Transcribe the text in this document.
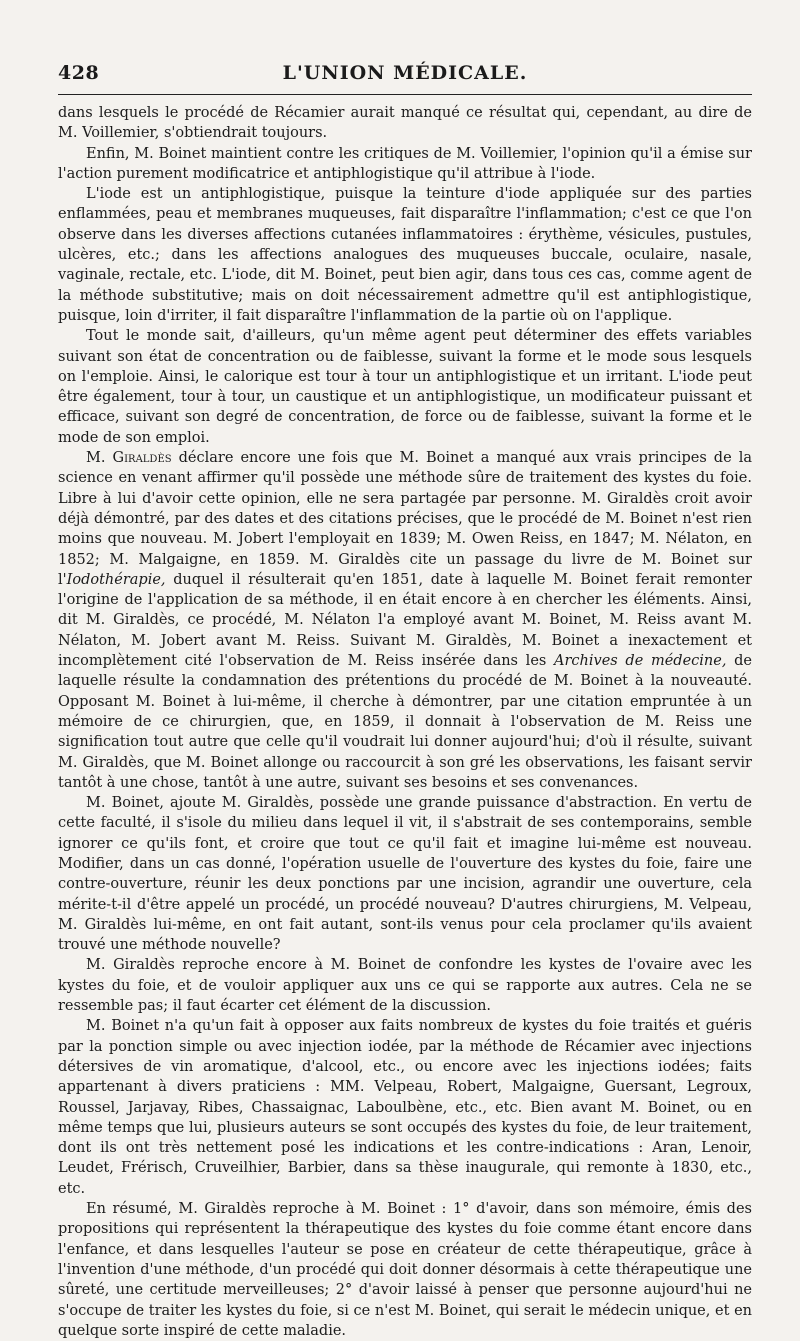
428	L'UNION MÉDICALE.

dans lesquels le procédé de Récamier aurait manqué ce résultat qui, cependant, au dire de M. Voillemier, s'obtiendrait toujours.

Enfin, M. Boinet maintient contre les critiques de M. Voillemier, l'opinion qu'il a émise sur l'action purement modificatrice et antiphlogistique qu'il attribue à l'iode.

L'iode est un antiphlogistique, puisque la teinture d'iode appliquée sur des parties enflammées, peau et membranes muqueuses, fait disparaître l'inflammation; c'est ce que l'on observe dans les diverses affections cutanées inflammatoires : érythème, vésicules, pustules, ulcères, etc.; dans les affections analogues des muqueuses buccale, oculaire, nasale, vaginale, rectale, etc. L'iode, dit M. Boinet, peut bien agir, dans tous ces cas, comme agent de la méthode substitutive; mais on doit nécessairement admettre qu'il est antiphlogistique, puisque, loin d'irriter, il fait disparaître l'inflammation de la partie où on l'applique.

Tout le monde sait, d'ailleurs, qu'un même agent peut déterminer des effets variables suivant son état de concentration ou de faiblesse, suivant la forme et le mode sous lesquels on l'emploie. Ainsi, le calorique est tour à tour un antiphlogistique et un irritant. L'iode peut être également, tour à tour, un caustique et un antiphlogistique, un modificateur puissant et efficace, suivant son degré de concentration, de force ou de faiblesse, suivant la forme et le mode de son emploi.

M. Giraldès déclare encore une fois que M. Boinet a manqué aux vrais principes de la science en venant affirmer qu'il possède une méthode sûre de traitement des kystes du foie. Libre à lui d'avoir cette opinion, elle ne sera partagée par personne. M. Giraldès croit avoir déjà démontré, par des dates et des citations précises, que le procédé de M. Boinet n'est rien moins que nouveau. M. Jobert l'employait en 1839; M. Owen Reiss, en 1847; M. Nélaton, en 1852; M. Malgaigne, en 1859. M. Giraldès cite un passage du livre de M. Boinet sur l'Iodothérapie, duquel il résulterait qu'en 1851, date à laquelle M. Boinet ferait remonter l'origine de l'application de sa méthode, il en était encore à en chercher les éléments. Ainsi, dit M. Giraldès, ce procédé, M. Nélaton l'a employé avant M. Boinet, M. Reiss avant M. Nélaton, M. Jobert avant M. Reiss. Suivant M. Giraldès, M. Boinet a inexactement et incomplètement cité l'observation de M. Reiss insérée dans les Archives de médecine, de laquelle résulte la condamnation des prétentions du procédé de M. Boinet à la nouveauté. Opposant M. Boinet à lui-même, il cherche à démontrer, par une citation empruntée à un mémoire de ce chirurgien, que, en 1859, il donnait à l'observation de M. Reiss une signification tout autre que celle qu'il voudrait lui donner aujourd'hui; d'où il résulte, suivant M. Giraldès, que M. Boinet allonge ou raccourcit à son gré les observations, les faisant servir tantôt à une chose, tantôt à une autre, suivant ses besoins et ses convenances.

M. Boinet, ajoute M. Giraldès, possède une grande puissance d'abstraction. En vertu de cette faculté, il s'isole du milieu dans lequel il vit, il s'abstrait de ses contemporains, semble ignorer ce qu'ils font, et croire que tout ce qu'il fait et imagine lui-même est nouveau. Modifier, dans un cas donné, l'opération usuelle de l'ouverture des kystes du foie, faire une contre-ouverture, réunir les deux ponctions par une incision, agrandir une ouverture, cela mérite-t-il d'être appelé un procédé, un procédé nouveau? D'autres chirurgiens, M. Velpeau, M. Giraldès lui-même, en ont fait autant, sont-ils venus pour cela proclamer qu'ils avaient trouvé une méthode nouvelle?

M. Giraldès reproche encore à M. Boinet de confondre les kystes de l'ovaire avec les kystes du foie, et de vouloir appliquer aux uns ce qui se rapporte aux autres. Cela ne se ressemble pas; il faut écarter cet élément de la discussion.

M. Boinet n'a qu'un fait à opposer aux faits nombreux de kystes du foie traités et guéris par la ponction simple ou avec injection iodée, par la méthode de Récamier avec injections détersives de vin aromatique, d'alcool, etc., ou encore avec les injections iodées; faits appartenant à divers praticiens : MM. Velpeau, Robert, Malgaigne, Guersant, Legroux, Roussel, Jarjavay, Ribes, Chassaignac, Laboulbène, etc., etc. Bien avant M. Boinet, ou en même temps que lui, plusieurs auteurs se sont occupés des kystes du foie, de leur traitement, dont ils ont très nettement posé les indications et les contre-indications : Aran, Lenoir, Leudet, Frérisch, Cruveilhier, Barbier, dans sa thèse inaugurale, qui remonte à 1830, etc., etc.

En résumé, M. Giraldès reproche à M. Boinet : 1° d'avoir, dans son mémoire, émis des propositions qui représentent la thérapeutique des kystes du foie comme étant encore dans l'enfance, et dans lesquelles l'auteur se pose en créateur de cette thérapeutique, grâce à l'invention d'une méthode, d'un procédé qui doit donner désormais à cette thérapeutique une sûreté, une certitude merveilleuses; 2° d'avoir laissé à penser que personne aujourd'hui ne s'occupe de traiter les kystes du foie, si ce n'est M. Boinet, qui serait le médecin unique, et en quelque sorte inspiré de cette maladie.
